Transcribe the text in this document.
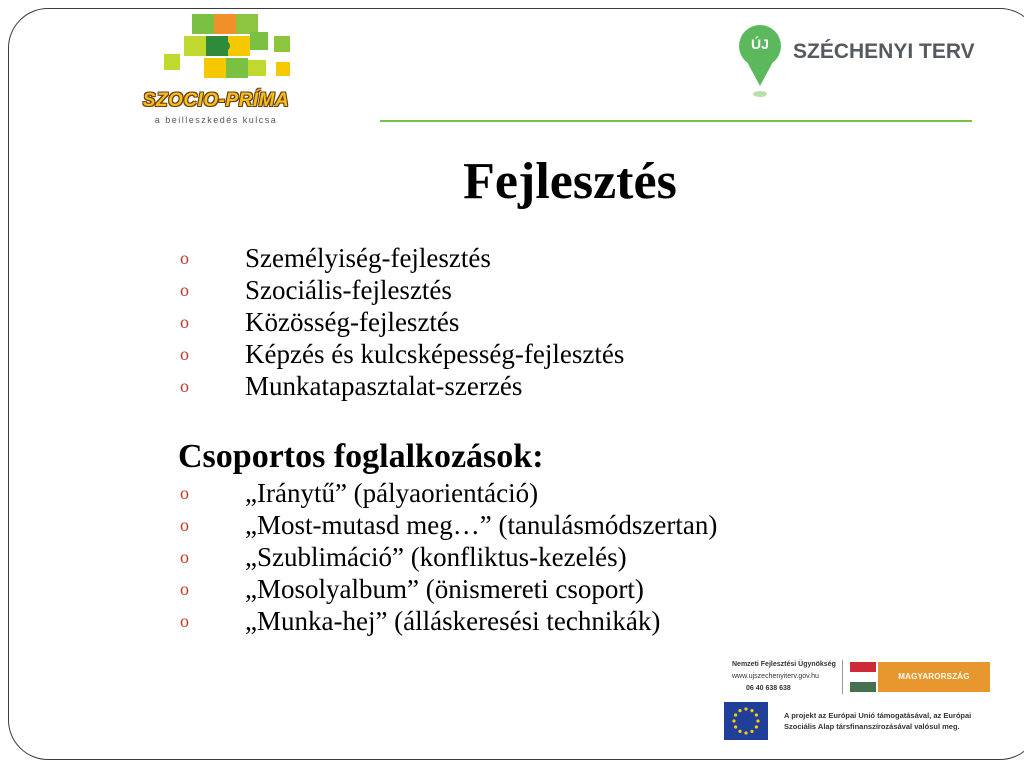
SZOCIO-PRÍMA
a beilleszkedés kulcsa
ÚJ	SZÉCHENYI TERV
Fejlesztés
o Személyiség-fejlesztés
o Szociális-fejlesztés
o Közösség-fejlesztés
o Képzés és kulcsképesség-fejlesztés
o Munkatapasztalat-szerzés
Csoportos foglalkozások:
o „Iránytű” (pályaorientáció)
o „Most-mutasd meg…” (tanulásmódszertan)
o „Szublimáció” (konfliktus-kezelés)
o „Mosolyalbum” (önismereti csoport)
o „Munka-hej” (álláskeresési technikák)
Nemzeti Fejlesztési Ügynökség
www.ujszechenyiterv.gov.hu
06 40 638 638
MAGYARORSZÁG MEGÚJUL
A projekt az Európai Unió támogatásával, az Európai
Szociális Alap társfinanszírozásával valósul meg.
